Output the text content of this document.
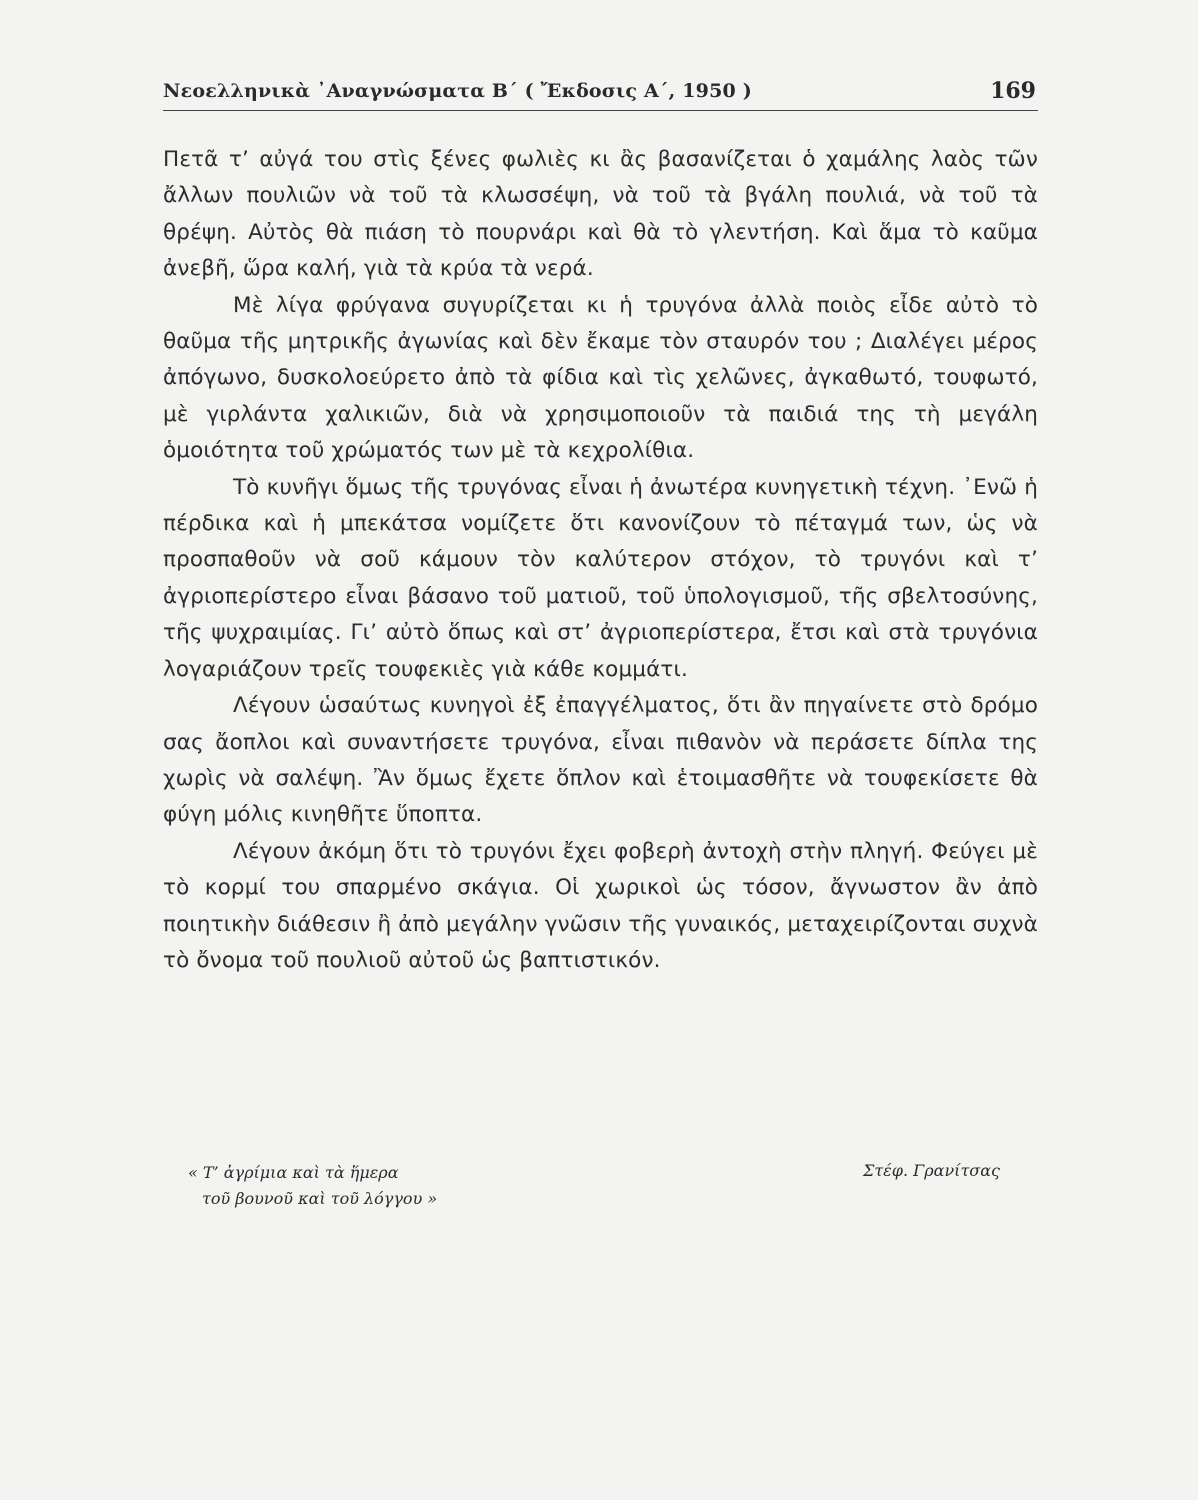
Νεοελληνικὰ ᾿Αναγνώσματα Β΄ ( Ἔκδοσις Α΄, 1950 )	169

Πετᾶ τ’ αὐγά του στὶς ξένες φωλιὲς κι ἂς βασανίζεται ὁ χαμάλης λαὸς τῶν ἄλλων πουλιῶν νὰ τοῦ τὰ κλωσσέψη, νὰ τοῦ τὰ βγάλη πουλιά, νὰ τοῦ τὰ θρέψη. Αὐτὸς θὰ πιάση τὸ πουρνάρι καὶ θὰ τὸ γλεντήση. Καὶ ἅμα τὸ καῦμα ἀνεβῆ, ὥρα καλή, γιὰ τὰ κρύα τὰ νερά.

Μὲ λίγα φρύγανα συγυρίζεται κι ἡ τρυγόνα ἀλλὰ ποιὸς εἶδε αὐτὸ τὸ θαῦμα τῆς μητρικῆς ἀγωνίας καὶ δὲν ἔκαμε τὸν σταυρόν του ; Διαλέγει μέρος ἀπόγωνο, δυσκολοεύρετο ἀπὸ τὰ φίδια καὶ τὶς χελῶνες, ἀγκαθωτό, τουφωτό, μὲ γιρλάντα χαλικιῶν, διὰ νὰ χρησιμοποιοῦν τὰ παιδιά της τὴ μεγάλη ὁμοιότητα τοῦ χρώματός των μὲ τὰ κεχρολίθια.

Τὸ κυνῆγι ὅμως τῆς τρυγόνας εἶναι ἡ ἀνωτέρα κυνηγετικὴ τέχνη. ᾿Ενῶ ἡ πέρδικα καὶ ἡ μπεκάτσα νομίζετε ὅτι κανονίζουν τὸ πέταγμά των, ὡς νὰ προσπαθοῦν νὰ σοῦ κάμουν τὸν καλύτερον στόχον, τὸ τρυγόνι καὶ τ’ ἀγριοπερίστερο εἶναι βάσανο τοῦ ματιοῦ, τοῦ ὑπολογισμοῦ, τῆς σβελτοσύνης, τῆς ψυχραιμίας. Γι’ αὐτὸ ὅπως καὶ στ’ ἀγριοπερίστερα, ἔτσι καὶ στὰ τρυγόνια λογαριάζουν τρεῖς τουφεκιὲς γιὰ κάθε κομμάτι.

Λέγουν ὡσαύτως κυνηγοὶ ἐξ ἐπαγγέλματος, ὅτι ἂν πηγαίνετε στὸ δρόμο σας ἄοπλοι καὶ συναντήσετε τρυγόνα, εἶναι πιθανὸν νὰ περάσετε δίπλα της χωρὶς νὰ σαλέψη. Ἂν ὅμως ἔχετε ὅπλον καὶ ἑτοιμασθῆτε νὰ τουφεκίσετε θὰ φύγη μόλις κινηθῆτε ὕποπτα.

Λέγουν ἀκόμη ὅτι τὸ τρυγόνι ἔχει φοβερὴ ἀντοχὴ στὴν πληγή. Φεύγει μὲ τὸ κορμί του σπαρμένο σκάγια. Οἱ χωρικοὶ ὡς τόσον, ἄγνωστον ἂν ἀπὸ ποιητικὴν διάθεσιν ἢ ἀπὸ μεγάλην γνῶσιν τῆς γυναικός, μεταχειρίζονται συχνὰ τὸ ὄνομα τοῦ πουλιοῦ αὐτοῦ ὡς βαπτιστικόν.

« Τ’ ἀγρίμια καὶ τὰ ἥμερα
τοῦ βουνοῦ καὶ τοῦ λόγγου »
Στέφ. Γρανίτσας
